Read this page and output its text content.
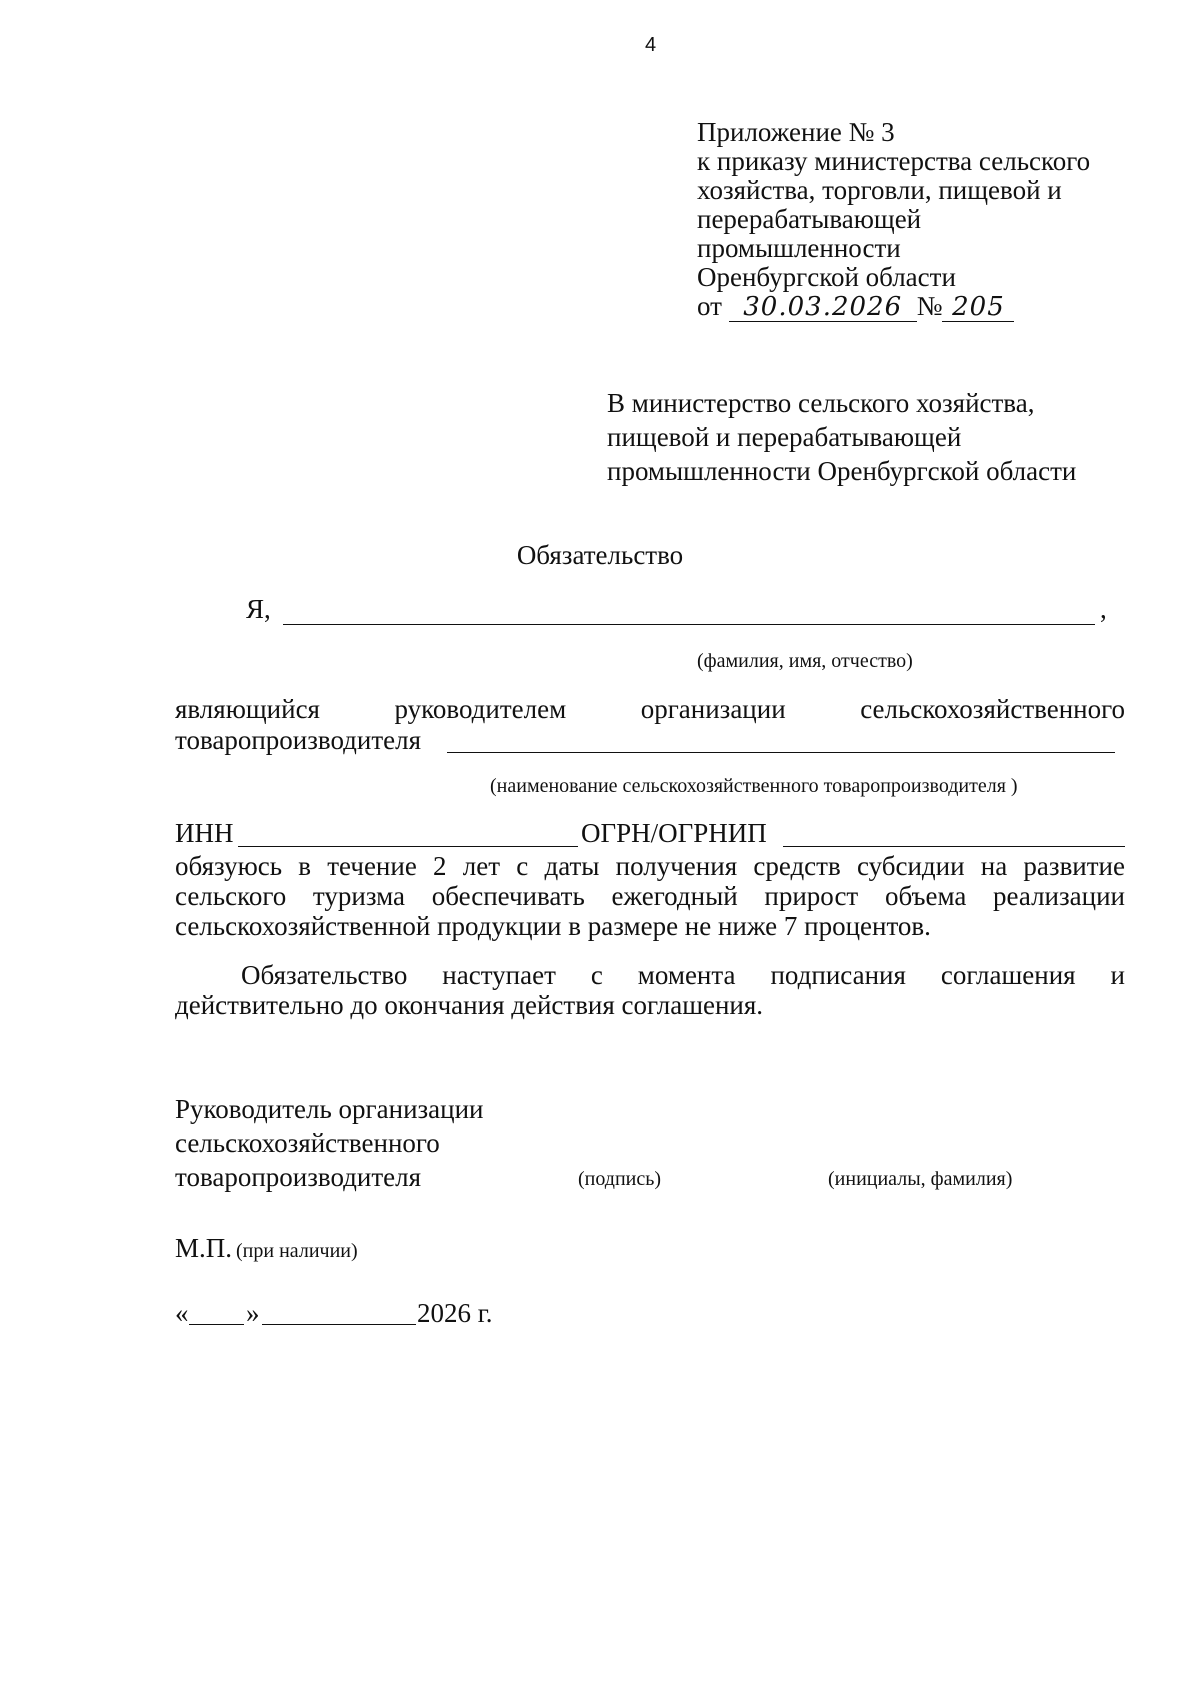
4
Приложение № 3
к приказу министерства сельского
хозяйства, торговли, пищевой и
перерабатывающей
промышленности
Оренбургской области
от 30.03.2026 № 205
В министерство сельского хозяйства,
пищевой и перерабатывающей
промышленности Оренбургской области
Обязательство
Я,	,
(фамилия, имя, отчество)
являющийся	руководителем	организации	сельскохозяйственного
товаропроизводителя
(наименование сельскохозяйственного товаропроизводителя )
ИНН	ОГРН/ОГРНИП
обязуюсь в течение 2 лет с даты получения средств субсидии на развитие сельского туризма обеспечивать ежегодный прирост объема реализации сельскохозяйственной продукции в размере не ниже 7 процентов.
Обязательство наступает с момента подписания соглашения и действительно до окончания действия соглашения.
Руководитель организации
сельскохозяйственного
товаропроизводителя	(подпись)	(инициалы, фамилия)
М.П. (при наличии)
« »	2026 г.
